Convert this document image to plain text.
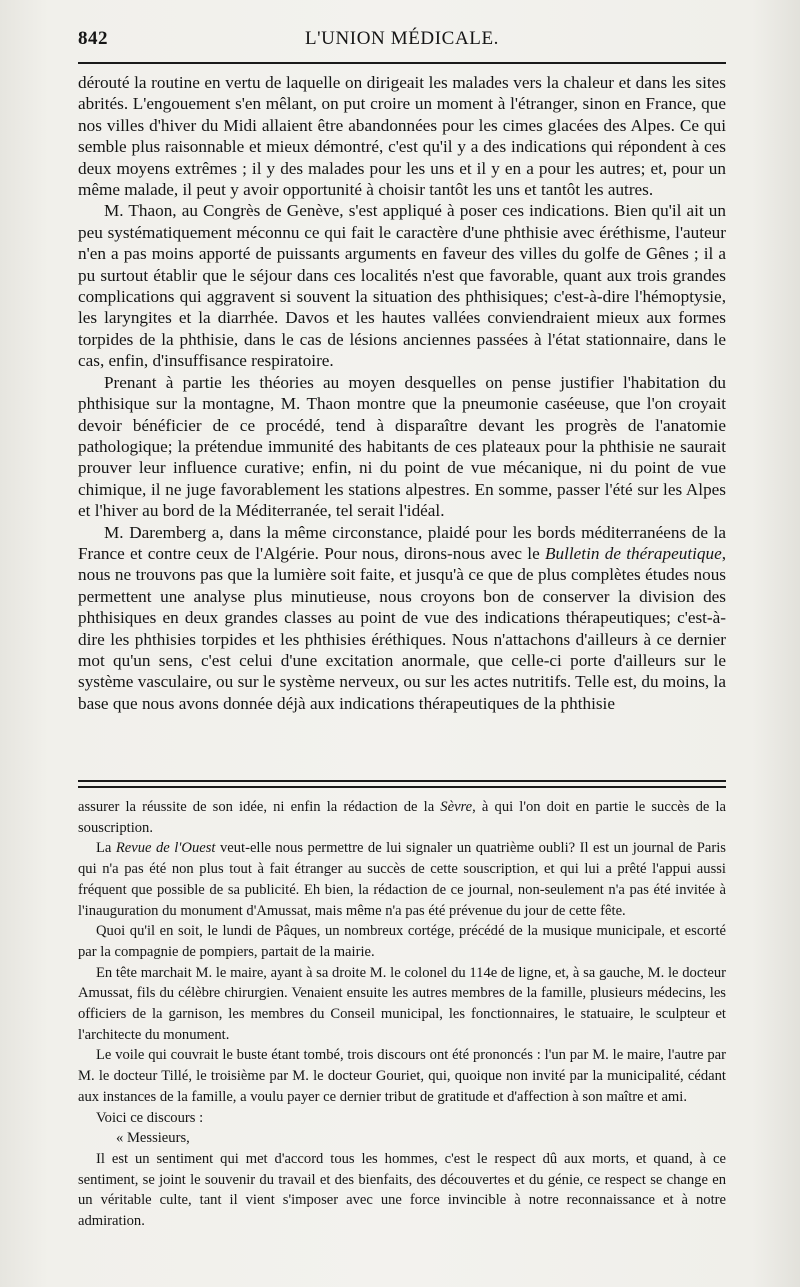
842	L'UNION MÉDICALE.

dérouté la routine en vertu de laquelle on dirigeait les malades vers la chaleur et dans les sites abrités. L'engouement s'en mêlant, on put croire un moment à l'étranger, sinon en France, que nos villes d'hiver du Midi allaient être abandonnées pour les cimes glacées des Alpes. Ce qui semble plus raisonnable et mieux démontré, c'est qu'il y a des indications qui répondent à ces deux moyens extrêmes ; il y des malades pour les uns et il y en a pour les autres; et, pour un même malade, il peut y avoir opportunité à choisir tantôt les uns et tantôt les autres.

M. Thaon, au Congrès de Genève, s'est appliqué à poser ces indications. Bien qu'il ait un peu systématiquement méconnu ce qui fait le caractère d'une phthisie avec éréthisme, l'auteur n'en a pas moins apporté de puissants arguments en faveur des villes du golfe de Gênes ; il a pu surtout établir que le séjour dans ces localités n'est que favorable, quant aux trois grandes complications qui aggravent si souvent la situation des phthisiques; c'est-à-dire l'hémoptysie, les laryngites et la diarrhée. Davos et les hautes vallées conviendraient mieux aux formes torpides de la phthisie, dans le cas de lésions anciennes passées à l'état stationnaire, dans le cas, enfin, d'insuffisance respiratoire.

Prenant à partie les théories au moyen desquelles on pense justifier l'habitation du phthisique sur la montagne, M. Thaon montre que la pneumonie caséeuse, que l'on croyait devoir bénéficier de ce procédé, tend à disparaître devant les progrès de l'anatomie pathologique; la prétendue immunité des habitants de ces plateaux pour la phthisie ne saurait prouver leur influence curative; enfin, ni du point de vue mécanique, ni du point de vue chimique, il ne juge favorablement les stations alpestres. En somme, passer l'été sur les Alpes et l'hiver au bord de la Méditerranée, tel serait l'idéal.

M. Daremberg a, dans la même circonstance, plaidé pour les bords méditerranéens de la France et contre ceux de l'Algérie. Pour nous, dirons-nous avec le Bulletin de thérapeutique, nous ne trouvons pas que la lumière soit faite, et jusqu'à ce que de plus complètes études nous permettent une analyse plus minutieuse, nous croyons bon de conserver la division des phthisiques en deux grandes classes au point de vue des indications thérapeutiques; c'est-à-dire les phthisies torpides et les phthisies éréthiques. Nous n'attachons d'ailleurs à ce dernier mot qu'un sens, c'est celui d'une excitation anormale, que celle-ci porte d'ailleurs sur le système vasculaire, ou sur le système nerveux, ou sur les actes nutritifs. Telle est, du moins, la base que nous avons donnée déjà aux indications thérapeutiques de la phthisie

assurer la réussite de son idée, ni enfin la rédaction de la Sèvre, à qui l'on doit en partie le succès de la souscription.

La Revue de l'Ouest veut-elle nous permettre de lui signaler un quatrième oubli? Il est un journal de Paris qui n'a pas été non plus tout à fait étranger au succès de cette souscription, et qui lui a prêté l'appui aussi fréquent que possible de sa publicité. Eh bien, la rédaction de ce journal, non-seulement n'a pas été invitée à l'inauguration du monument d'Amussat, mais même n'a pas été prévenue du jour de cette fête.

Quoi qu'il en soit, le lundi de Pâques, un nombreux cortége, précédé de la musique municipale, et escorté par la compagnie de pompiers, partait de la mairie.

En tête marchait M. le maire, ayant à sa droite M. le colonel du 114e de ligne, et, à sa gauche, M. le docteur Amussat, fils du célèbre chirurgien. Venaient ensuite les autres membres de la famille, plusieurs médecins, les officiers de la garnison, les membres du Conseil municipal, les fonctionnaires, le statuaire, le sculpteur et l'architecte du monument.

Le voile qui couvrait le buste étant tombé, trois discours ont été prononcés : l'un par M. le maire, l'autre par M. le docteur Tillé, le troisième par M. le docteur Gouriet, qui, quoique non invité par la municipalité, cédant aux instances de la famille, a voulu payer ce dernier tribut de gratitude et d'affection à son maître et ami.

Voici ce discours :

« Messieurs,

Il est un sentiment qui met d'accord tous les hommes, c'est le respect dû aux morts, et quand, à ce sentiment, se joint le souvenir du travail et des bienfaits, des découvertes et du génie, ce respect se change en un véritable culte, tant il vient s'imposer avec une force invincible à notre reconnaissance et à notre admiration.
